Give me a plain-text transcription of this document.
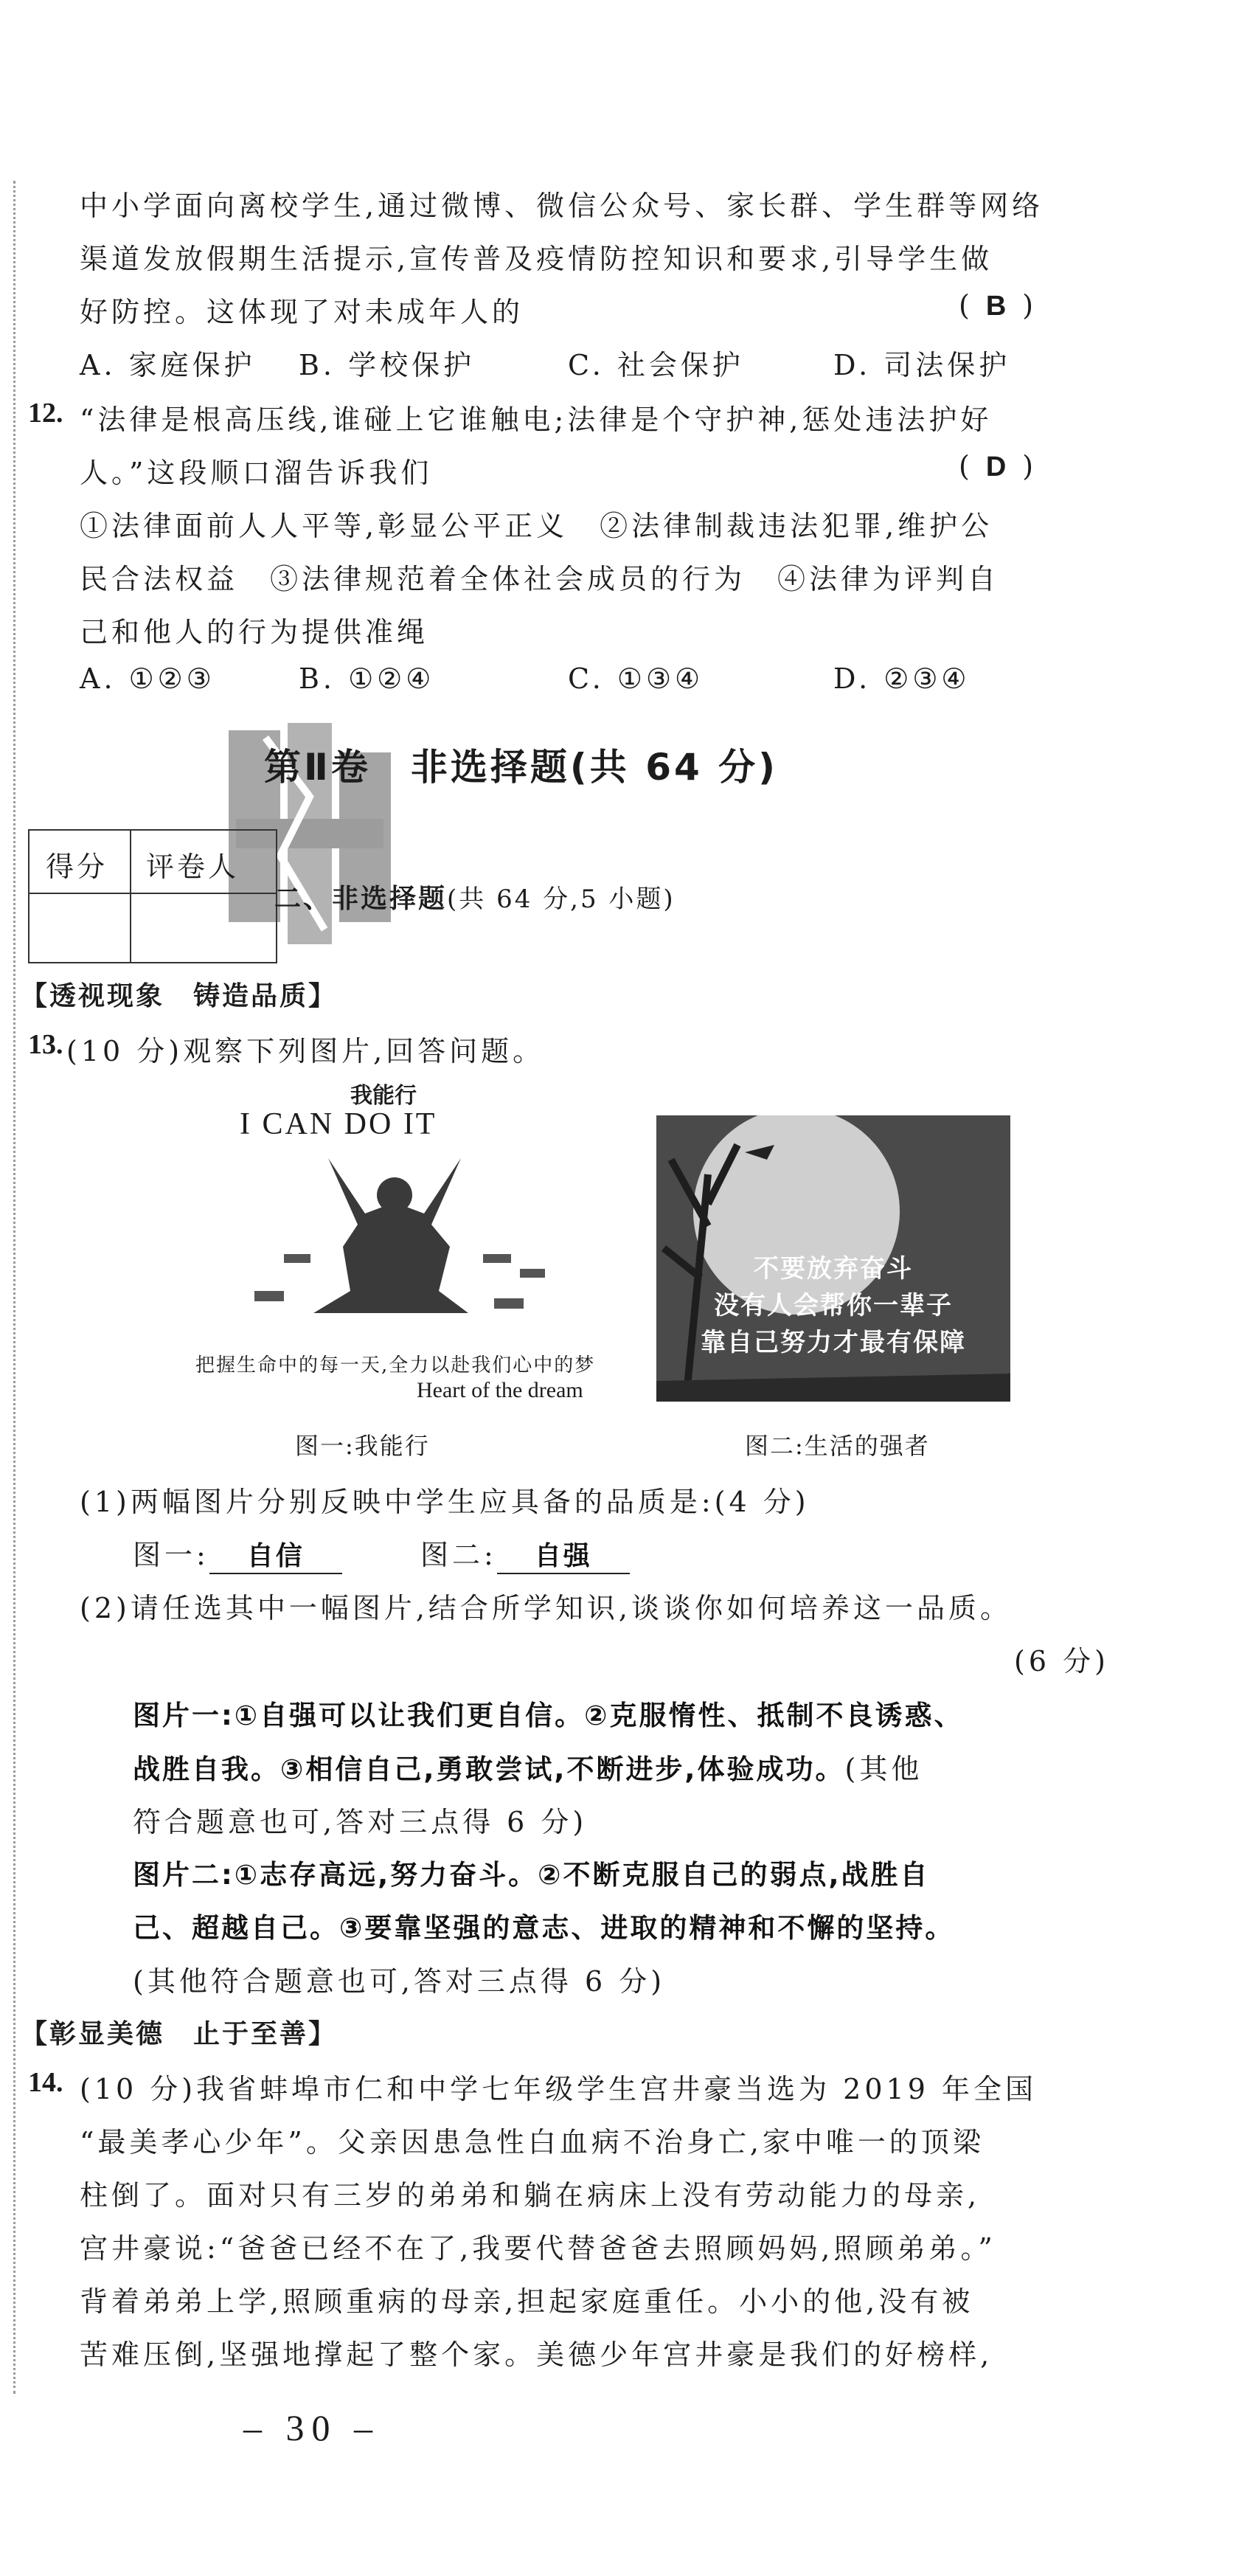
中小学面向离校学生,通过微博、微信公众号、家长群、学生群等网络
渠道发放假期生活提示,宣传普及疫情防控知识和要求,引导学生做
好防控。这体现了对未成年人的	( B )
A. 家庭保护 B. 学校保护	C. 社会保护	D. 司法保护
12. “法律是根高压线,谁碰上它谁触电;法律是个守护神,惩处违法护好
人。”这段顺口溜告诉我们	( D )
①法律面前人人平等,彰显公平正义　②法律制裁违法犯罪,维护公
民合法权益　③法律规范着全体社会成员的行为　④法律为评判自
己和他人的行为提供准绳
A. ①②③	B. ①②④	C. ①③④	D. ②③④
第Ⅱ卷　非选择题(共 64 分)
得分 评卷人
二、非选择题(共 64 分,5 小题)
【透视现象　铸造品质】
13. (10 分)观察下列图片,回答问题。
我能行
I CAN DO IT
把握生命中的每一天,全力以赴我们心中的梦
Heart of the dream
不要放弃奋斗
没有人会帮你一辈子
靠自己努力才最有保障
图一:我能行	图二:生活的强者
(1)两幅图片分别反映中学生应具备的品质是:(4 分)
图一: 自信	图二: 自强
(2)请任选其中一幅图片,结合所学知识,谈谈你如何培养这一品质。
(6 分)
图片一:①自强可以让我们更自信。②克服惰性、抵制不良诱惑、
战胜自我。③相信自己,勇敢尝试,不断进步,体验成功。(其他
符合题意也可,答对三点得 6 分)
图片二:①志存高远,努力奋斗。②不断克服自己的弱点,战胜自
己、超越自己。③要靠坚强的意志、进取的精神和不懈的坚持。
(其他符合题意也可,答对三点得 6 分)
【彰显美德　止于至善】
14. (10 分)我省蚌埠市仁和中学七年级学生宫井豪当选为 2019 年全国
“最美孝心少年”。父亲因患急性白血病不治身亡,家中唯一的顶梁
柱倒了。面对只有三岁的弟弟和躺在病床上没有劳动能力的母亲,
宫井豪说:“爸爸已经不在了,我要代替爸爸去照顾妈妈,照顾弟弟。”
背着弟弟上学,照顾重病的母亲,担起家庭重任。小小的他,没有被
苦难压倒,坚强地撑起了整个家。美德少年宫井豪是我们的好榜样,
– 30 –
